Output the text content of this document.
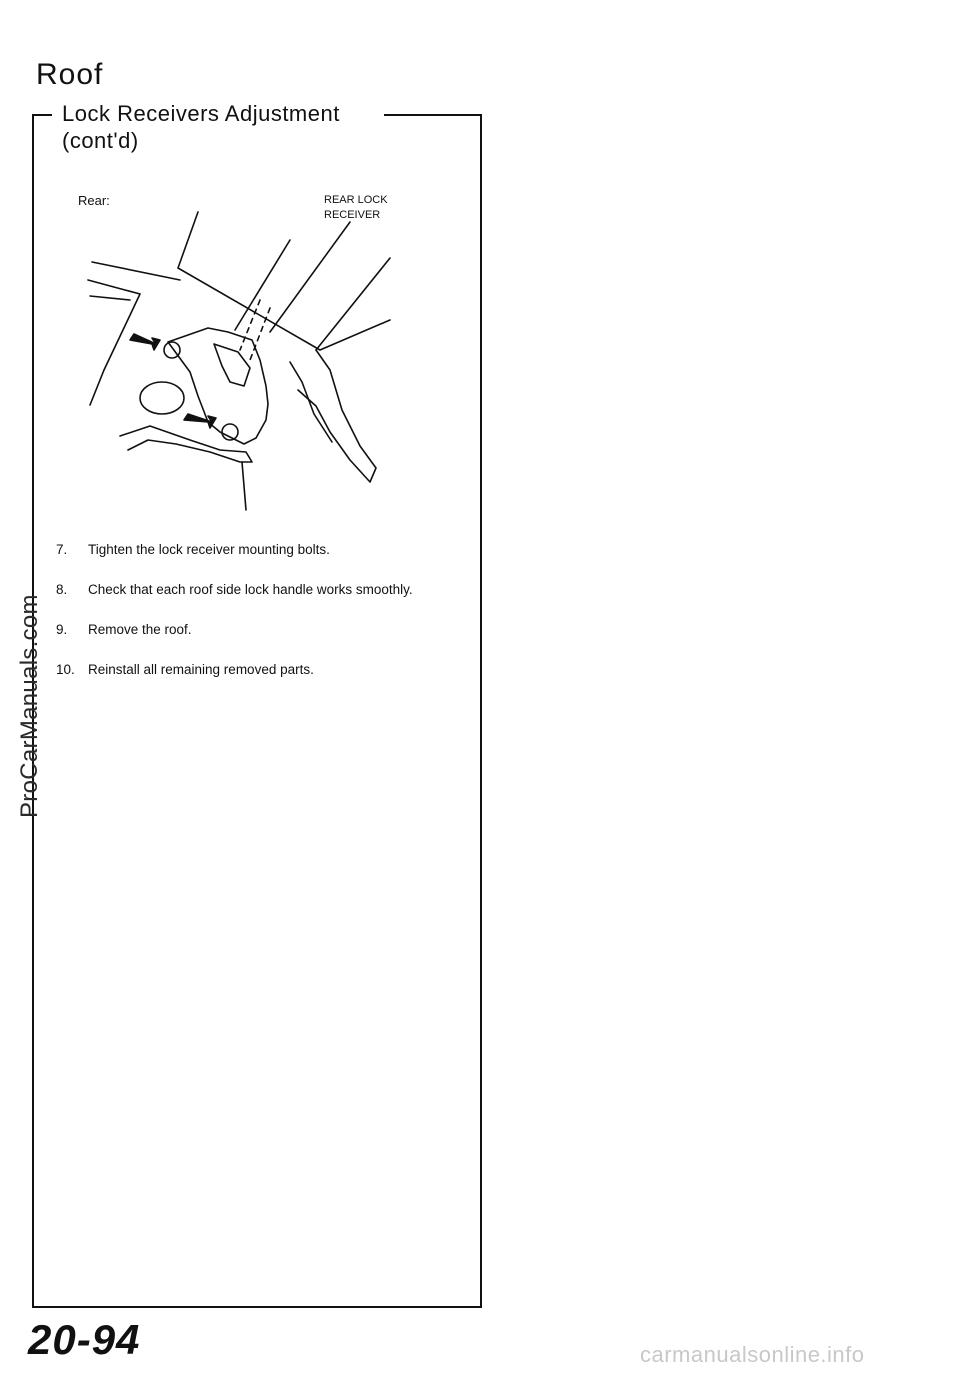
Roof
Lock Receivers Adjustment
(cont'd)
Rear:	REAR LOCK
RECEIVER
7.	Tighten the lock receiver mounting bolts.
8.	Check that each roof side lock handle works smoothly.
9.	Remove the roof.
10. Reinstall all remaining removed parts.
ProCarManuals.com
20-94	carmanualsonline.info
